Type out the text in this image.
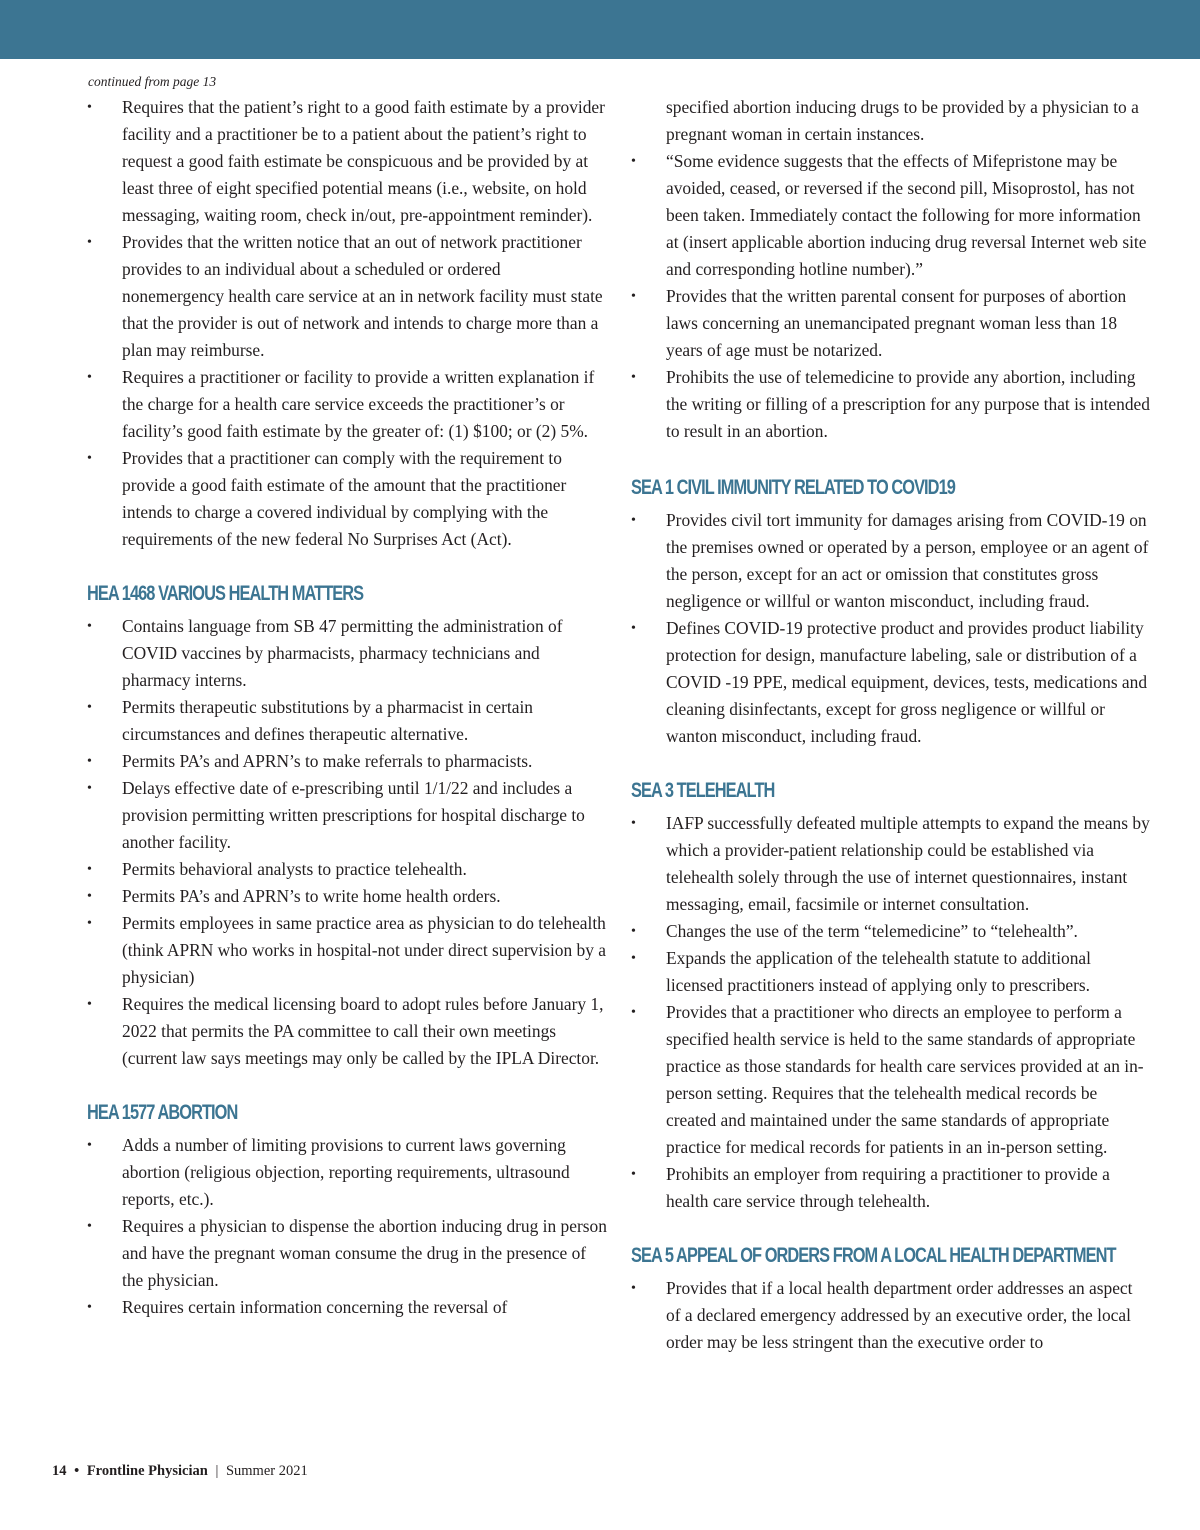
continued from page 13
• Requires that the patient’s right to a good faith estimate by a provider facility and a practitioner be to a patient about the patient’s right to request a good faith estimate be conspicuous and be provided by at least three of eight specified potential means (i.e., website, on hold messaging, waiting room, check in/out, pre-appointment reminder).
• Provides that the written notice that an out of network practitioner provides to an individual about a scheduled or ordered nonemergency health care service at an in network facility must state that the provider is out of network and intends to charge more than a plan may reimburse.
• Requires a practitioner or facility to provide a written explanation if the charge for a health care service exceeds the practitioner’s or facility’s good faith estimate by the greater of: (1) $100; or (2) 5%.
• Provides that a practitioner can comply with the requirement to provide a good faith estimate of the amount that the practitioner intends to charge a covered individual by complying with the requirements of the new federal No Surprises Act (Act).
HEA 1468 VARIOUS HEALTH MATTERS
• Contains language from SB 47 permitting the administration of COVID vaccines by pharmacists, pharmacy technicians and pharmacy interns.
• Permits therapeutic substitutions by a pharmacist in certain circumstances and defines therapeutic alternative.
• Permits PA’s and APRN’s to make referrals to pharmacists.
• Delays effective date of e-prescribing until 1/1/22 and includes a provision permitting written prescriptions for hospital discharge to another facility.
• Permits behavioral analysts to practice telehealth.
• Permits PA’s and APRN’s to write home health orders.
• Permits employees in same practice area as physician to do telehealth (think APRN who works in hospital-not under direct supervision by a physician)
• Requires the medical licensing board to adopt rules before January 1, 2022 that permits the PA committee to call their own meetings (current law says meetings may only be called by the IPLA Director.
HEA 1577 ABORTION
• Adds a number of limiting provisions to current laws governing abortion (religious objection, reporting requirements, ultrasound reports, etc.).
• Requires a physician to dispense the abortion inducing drug in person and have the pregnant woman consume the drug in the presence of the physician.
• Requires certain information concerning the reversal of
specified abortion inducing drugs to be provided by a physician to a pregnant woman in certain instances.
• “Some evidence suggests that the effects of Mifepristone may be avoided, ceased, or reversed if the second pill, Misoprostol, has not been taken. Immediately contact the following for more information at (insert applicable abortion inducing drug reversal Internet web site and corresponding hotline number).”
• Provides that the written parental consent for purposes of abortion laws concerning an unemancipated pregnant woman less than 18 years of age must be notarized.
• Prohibits the use of telemedicine to provide any abortion, including the writing or filling of a prescription for any purpose that is intended to result in an abortion.
SEA 1 CIVIL IMMUNITY RELATED TO COVID19
• Provides civil tort immunity for damages arising from COVID-19 on the premises owned or operated by a person, employee or an agent of the person, except for an act or omission that constitutes gross negligence or willful or wanton misconduct, including fraud.
• Defines COVID-19 protective product and provides product liability protection for design, manufacture labeling, sale or distribution of a COVID -19 PPE, medical equipment, devices, tests, medications and cleaning disinfectants, except for gross negligence or willful or wanton misconduct, including fraud.
SEA 3 TELEHEALTH
• IAFP successfully defeated multiple attempts to expand the means by which a provider-patient relationship could be established via telehealth solely through the use of internet questionnaires, instant messaging, email, facsimile or internet consultation.
• Changes the use of the term “telemedicine” to “telehealth”.
• Expands the application of the telehealth statute to additional licensed practitioners instead of applying only to prescribers.
• Provides that a practitioner who directs an employee to perform a specified health service is held to the same standards of appropriate practice as those standards for health care services provided at an in-person setting. Requires that the telehealth medical records be created and maintained under the same standards of appropriate practice for medical records for patients in an in-person setting.
• Prohibits an employer from requiring a practitioner to provide a health care service through telehealth.
SEA 5 APPEAL OF ORDERS FROM A LOCAL HEALTH DEPARTMENT
• Provides that if a local health department order addresses an aspect of a declared emergency addressed by an executive order, the local order may be less stringent than the executive order to
14 • Frontline Physician | Summer 2021
